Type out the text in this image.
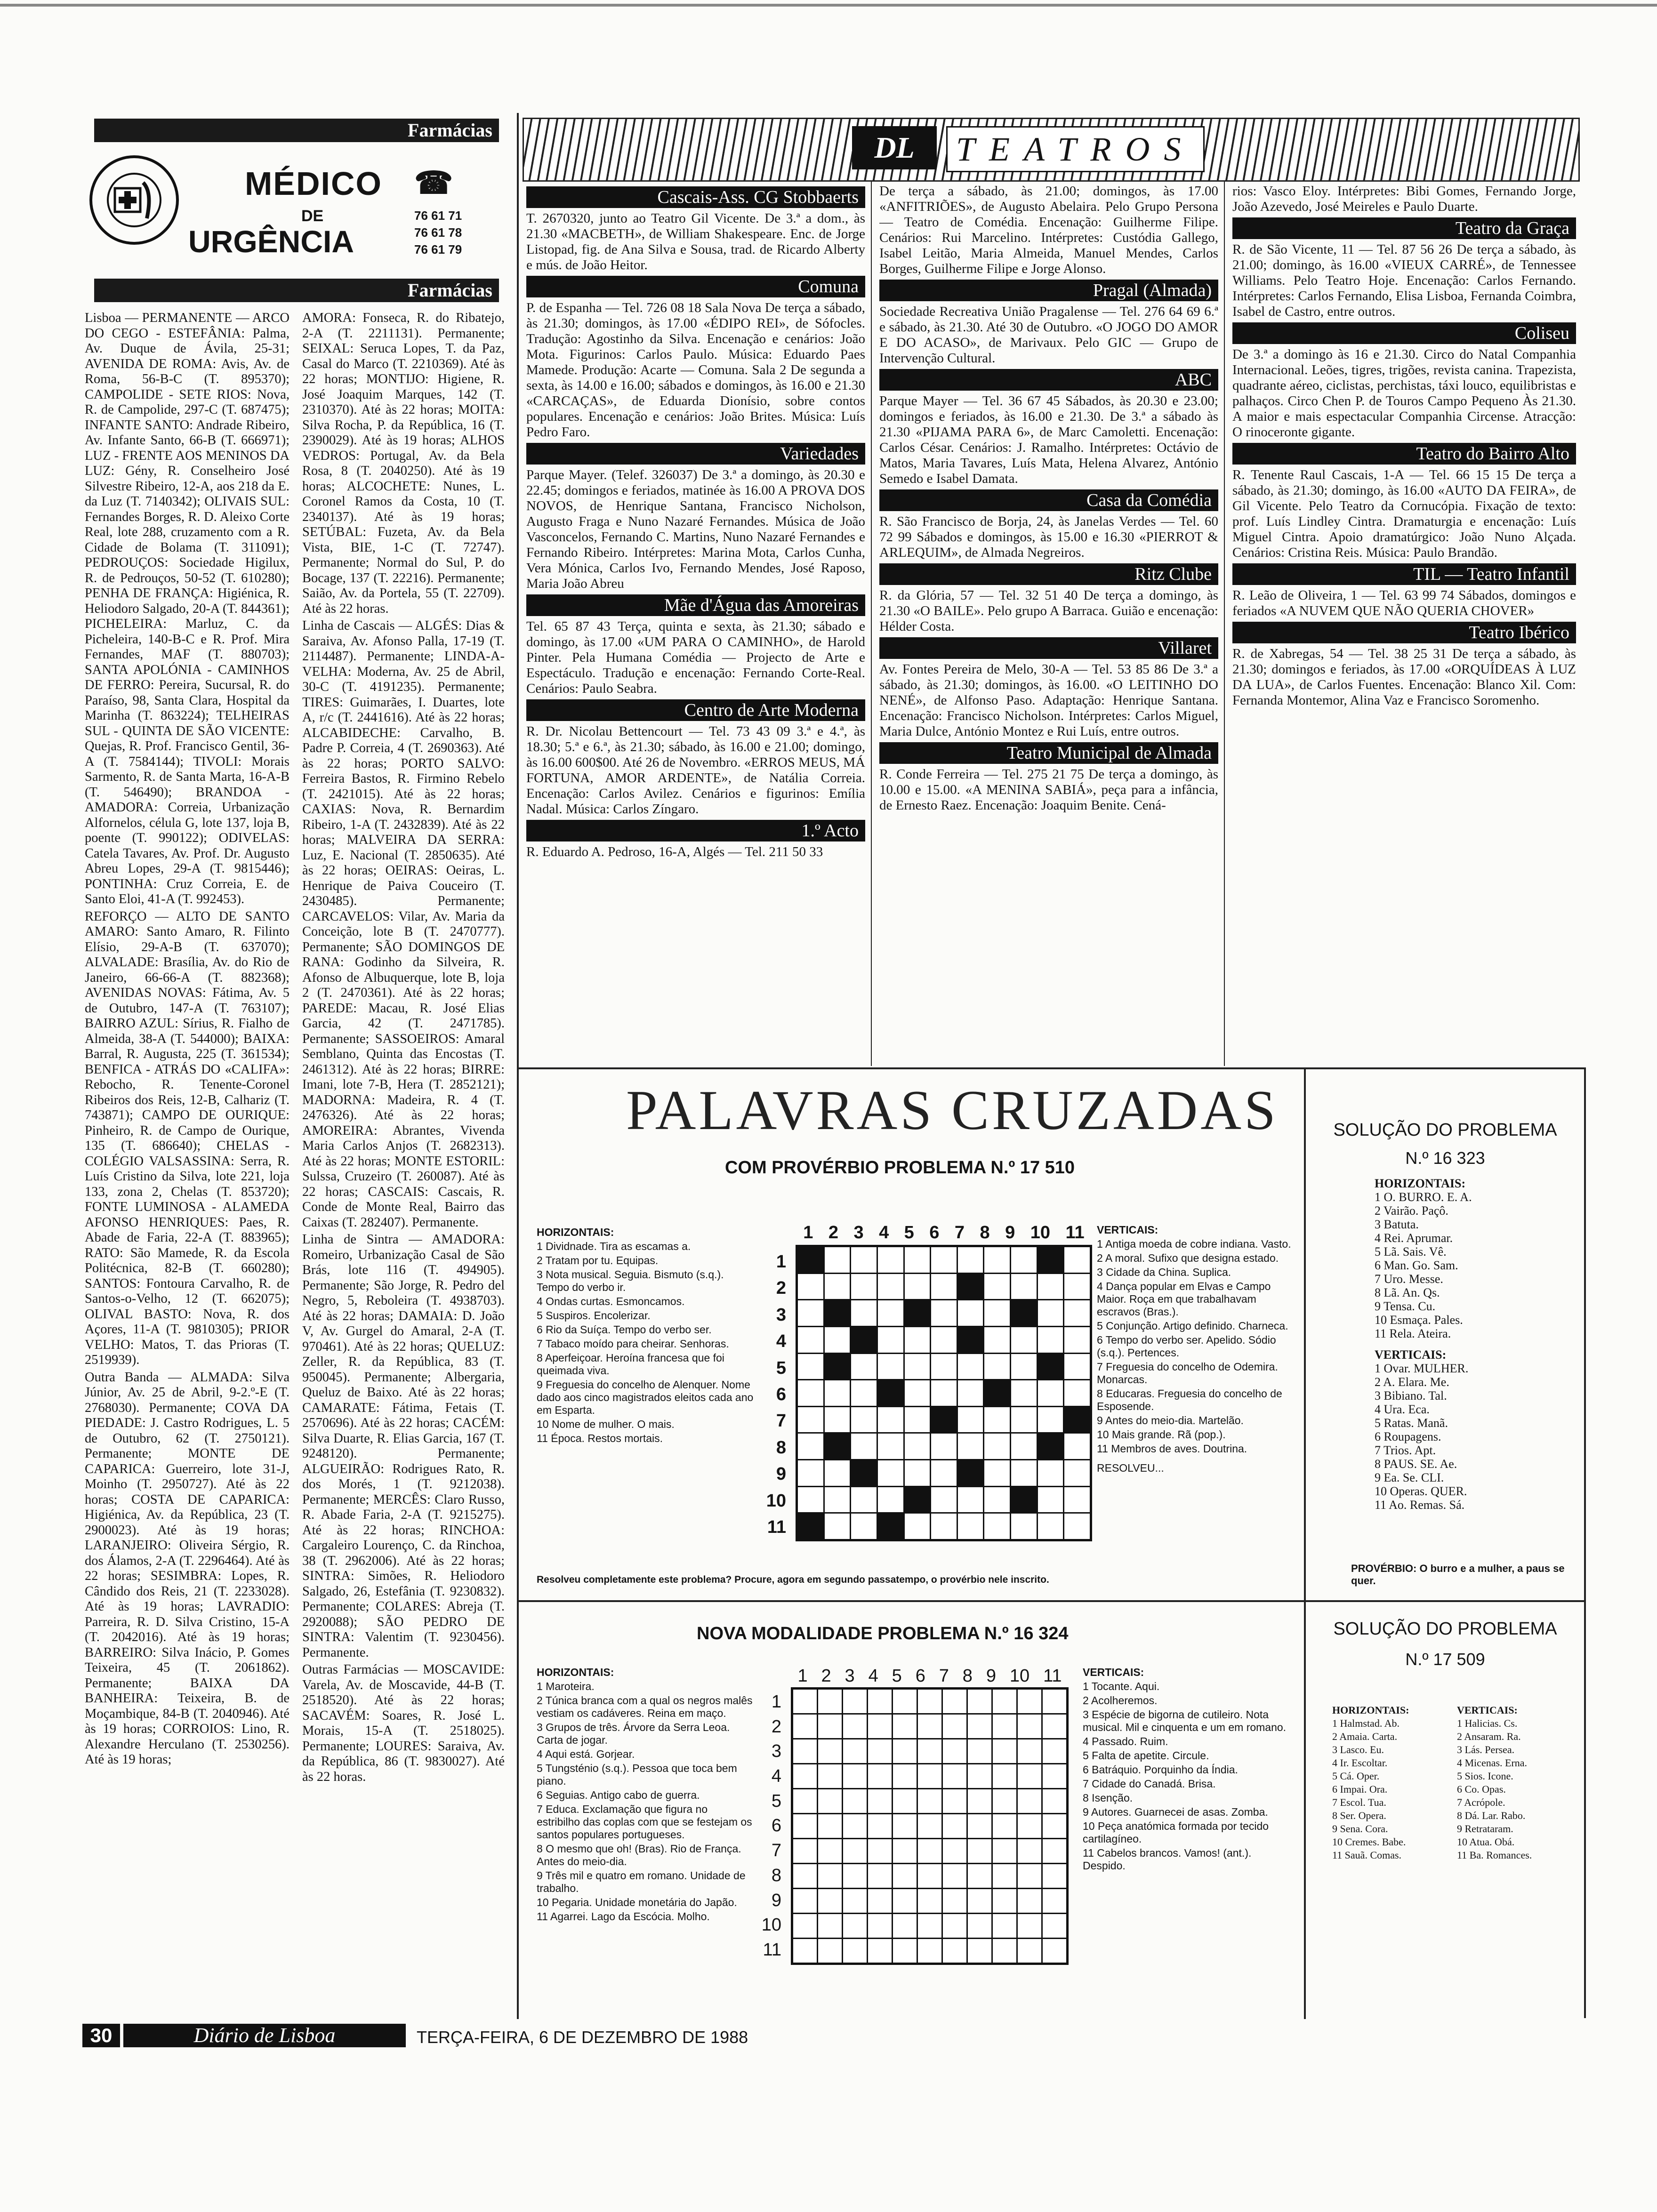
Farmácias
MÉDICO
DE
URGÊNCIA
☎
76 61 71
76 61 78
76 61 79
Farmácias

Lisboa — PERMANENTE — ARCO DO CEGO - ESTEFÂNIA: Palma, Av. Duque de Ávila, 25-31; AVENIDA DE ROMA: Avis, Av. de Roma, 56-B-C (T. 895370); CAMPOLIDE - SETE RIOS: Nova, R. de Campolide, 297-C (T. 687475); INFANTE SANTO: Andrade Ribeiro, Av. Infante Santo, 66-B (T. 666971); LUZ - FRENTE AOS MENINOS DA LUZ: Gény, R. Conselheiro José Silvestre Ribeiro, 12-A, aos 218 da E. da Luz (T. 7140342); OLIVAIS SUL: Fernandes Borges, R. D. Aleixo Corte Real, lote 288, cruzamento com a R. Cidade de Bolama (T. 311091); PEDROUÇOS: Sociedade Higilux, R. de Pedrouços, 50-52 (T. 610280); PENHA DE FRANÇA: Higiénica, R. Heliodoro Salgado, 20-A (T. 844361); PICHELEIRA: Marluz, C. da Picheleira, 140-B-C e R. Prof. Mira Fernandes, MAF (T. 880703); SANTA APOLÓNIA - CAMINHOS DE FERRO: Pereira, Sucursal, R. do Paraíso, 98, Santa Clara, Hospital da Marinha (T. 863224); TELHEIRAS SUL - QUINTA DE SÃO VICENTE: Quejas, R. Prof. Francisco Gentil, 36-A (T. 7584144); TIVOLI: Morais Sarmento, R. de Santa Marta, 16-A-B (T. 546490); BRANDOA - AMADORA: Correia, Urbanização Alfornelos, célula G, lote 137, loja B, poente (T. 990122); ODIVELAS: Catela Tavares, Av. Prof. Dr. Augusto Abreu Lopes, 29-A (T. 9815446); PONTINHA: Cruz Correia, E. de Santo Eloi, 41-A (T. 992453).

REFORÇO — ALTO DE SANTO AMARO: Santo Amaro, R. Filinto Elísio, 29-A-B (T. 637070); ALVALADE: Brasília, Av. do Rio de Janeiro, 66-66-A (T. 882368); AVENIDAS NOVAS: Fátima, Av. 5 de Outubro, 147-A (T. 763107); BAIRRO AZUL: Sírius, R. Fialho de Almeida, 38-A (T. 544000); BAIXA: Barral, R. Augusta, 225 (T. 361534); BENFICA - ATRÁS DO «CALIFA»: Rebocho, R. Tenente-Coronel Ribeiros dos Reis, 12-B, Calhariz (T. 743871); CAMPO DE OURIQUE: Pinheiro, R. de Campo de Ourique, 135 (T. 686640); CHELAS - COLÉGIO VALSASSINA: Serra, R. Luís Cristino da Silva, lote 221, loja 133, zona 2, Chelas (T. 853720); FONTE LUMINOSA - ALAMEDA AFONSO HENRIQUES: Paes, R. Abade de Faria, 22-A (T. 883965); RATO: São Mamede, R. da Escola Politécnica, 82-B (T. 660280); SANTOS: Fontoura Carvalho, R. de Santos-o-Velho, 12 (T. 662075); OLIVAL BASTO: Nova, R. dos Açores, 11-A (T. 9810305); PRIOR VELHO: Matos, T. das Prioras (T. 2519939).

Outra Banda — ALMADA: Silva Júnior, Av. 25 de Abril, 9-2.º-E (T. 2768030). Permanente; COVA DA PIEDADE: J. Castro Rodrigues, L. 5 de Outubro, 62 (T. 2750121). Permanente; MONTE DE CAPARICA: Guerreiro, lote 31-J, Moinho (T. 2950727). Até às 22 horas; COSTA DE CAPARICA: Higiénica, Av. da República, 23 (T. 2900023). Até às 19 horas; LARANJEIRO: Oliveira Sérgio, R. dos Álamos, 2-A (T. 2296464). Até às 22 horas; SESIMBRA: Lopes, R. Cândido dos Reis, 21 (T. 2233028). Até às 19 horas; LAVRADIO: Parreira, R. D. Silva Cristino, 15-A (T. 2042016). Até às 19 horas; BARREIRO: Silva Inácio, P. Gomes Teixeira, 45 (T. 2061862). Permanente; BAIXA DA BANHEIRA: Teixeira, B. de Moçambique, 84-B (T. 2040946). Até às 19 horas; CORROIOS: Lino, R. Alexandre Herculano (T. 2530256). Até às 19 horas;

AMORA: Fonseca, R. do Ribatejo, 2-A (T. 2211131). Permanente; SEIXAL: Seruca Lopes, T. da Paz, Casal do Marco (T. 2210369). Até às 22 horas; MONTIJO: Higiene, R. José Joaquim Marques, 142 (T. 2310370). Até às 22 horas; MOITA: Silva Rocha, P. da República, 16 (T. 2390029). Até às 19 horas; ALHOS VEDROS: Portugal, Av. da Bela Rosa, 8 (T. 2040250). Até às 19 horas; ALCOCHETE: Nunes, L. Coronel Ramos da Costa, 10 (T. 2340137). Até às 19 horas; SETÚBAL: Fuzeta, Av. da Bela Vista, BIE, 1-C (T. 72747). Permanente; Normal do Sul, P. do Bocage, 137 (T. 22216). Permanente; Saião, Av. da Portela, 55 (T. 22709). Até às 22 horas.

Linha de Cascais — ALGÉS: Dias & Saraiva, Av. Afonso Palla, 17-19 (T. 2114487). Permanente; LINDA-A-VELHA: Moderna, Av. 25 de Abril, 30-C (T. 4191235). Permanente; TIRES: Guimarães, I. Duartes, lote A, r/c (T. 2441616). Até às 22 horas; ALCABIDECHE: Carvalho, B. Padre P. Correia, 4 (T. 2690363). Até às 22 horas; PORTO SALVO: Ferreira Bastos, R. Firmino Rebelo (T. 2421015). Até às 22 horas; CAXIAS: Nova, R. Bernardim Ribeiro, 1-A (T. 2432839). Até às 22 horas; MALVEIRA DA SERRA: Luz, E. Nacional (T. 2850635). Até às 22 horas; OEIRAS: Oeiras, L. Henrique de Paiva Couceiro (T. 2430485). Permanente; CARCAVELOS: Vilar, Av. Maria da Conceição, lote B (T. 2470777). Permanente; SÃO DOMINGOS DE RANA: Godinho da Silveira, R. Afonso de Albuquerque, lote B, loja 2 (T. 2470361). Até às 22 horas; PAREDE: Macau, R. José Elias Garcia, 42 (T. 2471785). Permanente; SASSOEIROS: Amaral Semblano, Quinta das Encostas (T. 2461312). Até às 22 horas; BIRRE: Imani, lote 7-B, Hera (T. 2852121); MADORNA: Madeira, R. 4 (T. 2476326). Até às 22 horas; AMOREIRA: Abrantes, Vivenda Maria Carlos Anjos (T. 2682313). Até às 22 horas; MONTE ESTORIL: Sulssa, Cruzeiro (T. 260087). Até às 22 horas; CASCAIS: Cascais, R. Conde de Monte Real, Bairro das Caixas (T. 282407). Permanente.

Linha de Sintra — AMADORA: Romeiro, Urbanização Casal de São Brás, lote 116 (T. 494905). Permanente; São Jorge, R. Pedro del Negro, 5, Reboleira (T. 4938703). Até às 22 horas; DAMAIA: D. João V, Av. Gurgel do Amaral, 2-A (T. 970461). Até às 22 horas; QUELUZ: Zeller, R. da República, 83 (T. 950045). Permanente; Albergaria, Queluz de Baixo. Até às 22 horas; CAMARATE: Fátima, Fetais (T. 2570696). Até às 22 horas; CACÉM: Silva Duarte, R. Elias Garcia, 167 (T. 9248120). Permanente; ALGUEIRÃO: Rodrigues Rato, R. dos Morés, 1 (T. 9212038). Permanente; MERCÊS: Claro Russo, R. Abade Faria, 2-A (T. 9215275). Até às 22 horas; RINCHOA: Cargaleiro Lourenço, C. da Rinchoa, 38 (T. 2962006). Até às 22 horas; SINTRA: Simões, R. Heliodoro Salgado, 26, Estefânia (T. 9230832). Permanente; COLARES: Abreja (T. 2920088); SÃO PEDRO DE SINTRA: Valentim (T. 9230456). Permanente.

Outras Farmácias — MOSCAVIDE: Varela, Av. de Moscavide, 44-B (T. 2518520). Até às 22 horas; SACAVÉM: Soares, R. José L. Morais, 15-A (T. 2518025). Permanente; LOURES: Saraiva, Av. da República, 86 (T. 9830027). Até às 22 horas.

DL	TEATROS
Cascais-Ass. CG Stobbaerts

T. 2670320, junto ao Teatro Gil Vicente. De 3.ª a dom., às 21.30 «MACBETH», de William Shakespeare. Enc. de Jorge Listopad, fig. de Ana Silva e Sousa, trad. de Ricardo Alberty e mús. de João Heitor.

Comuna

P. de Espanha — Tel. 726 08 18 Sala Nova De terça a sábado, às 21.30; domingos, às 17.00 «ÉDIPO REI», de Sófocles. Tradução: Agostinho da Silva. Encenação e cenários: João Mota. Figurinos: Carlos Paulo. Música: Eduardo Paes Mamede. Produção: Acarte — Comuna. Sala 2 De segunda a sexta, às 14.00 e 16.00; sábados e domingos, às 16.00 e 21.30 «CARCAÇAS», de Eduarda Dionísio, sobre contos populares. Encenação e cenários: João Brites. Música: Luís Pedro Faro.

Variedades

Parque Mayer. (Telef. 326037) De 3.ª a domingo, às 20.30 e 22.45; domingos e feriados, matinée às 16.00 A PROVA DOS NOVOS, de Henrique Santana, Francisco Nicholson, Augusto Fraga e Nuno Nazaré Fernandes. Música de João Vasconcelos, Fernando C. Martins, Nuno Nazaré Fernandes e Fernando Ribeiro. Intérpretes: Marina Mota, Carlos Cunha, Vera Mónica, Carlos Ivo, Fernando Mendes, José Raposo, Maria João Abreu

Mãe d'Água das Amoreiras

Tel. 65 87 43 Terça, quinta e sexta, às 21.30; sábado e domingo, às 17.00 «UM PARA O CAMINHO», de Harold Pinter. Pela Humana Comédia — Projecto de Arte e Espectáculo. Tradução e encenação: Fernando Corte-Real. Cenários: Paulo Seabra.

Centro de Arte Moderna

R. Dr. Nicolau Bettencourt — Tel. 73 43 09 3.ª e 4.ª, às 18.30; 5.ª e 6.ª, às 21.30; sábado, às 16.00 e 21.00; domingo, às 16.00 600$00. Até 26 de Novembro. «ERROS MEUS, MÁ FORTUNA, AMOR ARDENTE», de Natália Correia. Encenação: Carlos Avilez. Cenários e figurinos: Emília Nadal. Música: Carlos Zíngaro.

1.º Acto

R. Eduardo A. Pedroso, 16-A, Algés — Tel. 211 50 33

De terça a sábado, às 21.00; domingos, às 17.00 «ANFITRIÕES», de Augusto Abelaira. Pelo Grupo Persona — Teatro de Comédia. Encenação: Guilherme Filipe. Cenários: Rui Marcelino. Intérpretes: Custódia Gallego, Isabel Leitão, Maria Almeida, Manuel Mendes, Carlos Borges, Guilherme Filipe e Jorge Alonso.

Pragal (Almada)

Sociedade Recreativa União Pragalense — Tel. 276 64 69 6.ª e sábado, às 21.30. Até 30 de Outubro. «O JOGO DO AMOR E DO ACASO», de Marivaux. Pelo GIC — Grupo de Intervenção Cultural.

ABC

Parque Mayer — Tel. 36 67 45 Sábados, às 20.30 e 23.00; domingos e feriados, às 16.00 e 21.30. De 3.ª a sábado às 21.30 «PIJAMA PARA 6», de Marc Camoletti. Encenação: Carlos César. Cenários: J. Ramalho. Intérpretes: Octávio de Matos, Maria Tavares, Luís Mata, Helena Alvarez, António Semedo e Isabel Damata.

Casa da Comédia

R. São Francisco de Borja, 24, às Janelas Verdes — Tel. 60 72 99 Sábados e domingos, às 15.00 e 16.30 «PIERROT & ARLEQUIM», de Almada Negreiros.

Ritz Clube

R. da Glória, 57 — Tel. 32 51 40 De terça a domingo, às 21.30 «O BAILE». Pelo grupo A Barraca. Guião e encenação: Hélder Costa.

Villaret

Av. Fontes Pereira de Melo, 30-A — Tel. 53 85 86 De 3.ª a sábado, às 21.30; domingos, às 16.00. «O LEITINHO DO NENÉ», de Alfonso Paso. Adaptação: Henrique Santana. Encenação: Francisco Nicholson. Intérpretes: Carlos Miguel, Maria Dulce, António Montez e Rui Luís, entre outros.

Teatro Municipal de Almada

R. Conde Ferreira — Tel. 275 21 75 De terça a domingo, às 10.00 e 15.00. «A MENINA SABIÁ», peça para a infância, de Ernesto Raez. Encenação: Joaquim Benite. Cená-

rios: Vasco Eloy. Intérpretes: Bibi Gomes, Fernando Jorge, João Azevedo, José Meireles e Paulo Duarte.

Teatro da Graça

R. de São Vicente, 11 — Tel. 87 56 26 De terça a sábado, às 21.00; domingo, às 16.00 «VIEUX CARRÉ», de Tennessee Williams. Pelo Teatro Hoje. Encenação: Carlos Fernando. Intérpretes: Carlos Fernando, Elisa Lisboa, Fernanda Coimbra, Isabel de Castro, entre outros.

Coliseu

De 3.ª a domingo às 16 e 21.30. Circo do Natal Companhia Internacional. Leões, tigres, trigões, revista canina. Trapezista, quadrante aéreo, ciclistas, perchistas, táxi louco, equilibristas e palhaços. Circo Chen P. de Touros Campo Pequeno Às 21.30. A maior e mais espectacular Companhia Circense. Atracção: O rinoceronte gigante.

Teatro do Bairro Alto

R. Tenente Raul Cascais, 1-A — Tel. 66 15 15 De terça a sábado, às 21.30; domingo, às 16.00 «AUTO DA FEIRA», de Gil Vicente. Pelo Teatro da Cornucópia. Fixação de texto: prof. Luís Lindley Cintra. Dramaturgia e encenação: Luís Miguel Cintra. Apoio dramatúrgico: João Nuno Alçada. Cenários: Cristina Reis. Música: Paulo Brandão.

TIL — Teatro Infantil

R. Leão de Oliveira, 1 — Tel. 63 99 74 Sábados, domingos e feriados «A NUVEM QUE NÃO QUERIA CHOVER»

Teatro Ibérico

R. de Xabregas, 54 — Tel. 38 25 31 De terça a sábado, às 21.30; domingos e feriados, às 17.00 «ORQUÍDEAS À LUZ DA LUA», de Carlos Fuentes. Encenação: Blanco Xil. Com: Fernanda Montemor, Alina Vaz e Francisco Soromenho.

PALAVRAS CRUZADAS
COM PROVÉRBIO PROBLEMA N.º 17 510
1 2 3 4 5 6 7 8 9 10 11
1
2
3
4
5
6
7
8
9
10
11

HORIZONTAIS:

1 Dividnade. Tira as escamas a.

2 Tratam por tu. Equipas.

3 Nota musical. Seguia. Bismuto (s.q.). Tempo do verbo ir.

4 Ondas curtas. Esmoncamos.

5 Suspiros. Encolerizar.

6 Rio da Suíça. Tempo do verbo ser.

7 Tabaco moído para cheirar. Senhoras.

8 Aperfeiçoar. Heroína francesa que foi queimada viva.

9 Freguesia do concelho de Alenquer. Nome dado aos cinco magistrados eleitos cada ano em Esparta.

10 Nome de mulher. O mais.

11 Época. Restos mortais.

VERTICAIS:

1 Antiga moeda de cobre indiana. Vasto.

2 A moral. Sufixo que designa estado.

3 Cidade da China. Suplica.

4 Dança popular em Elvas e Campo Maior. Roça em que trabalhavam escravos (Bras.).

5 Conjunção. Artigo definido. Charneca.

6 Tempo do verbo ser. Apelido. Sódio (s.q.). Pertences.

7 Freguesia do concelho de Odemira. Monarcas.

8 Educaras. Freguesia do concelho de Esposende.

9 Antes do meio-dia. Martelão.

10 Mais grande. Rã (pop.).

11 Membros de aves. Doutrina.

RESOLVEU...

Resolveu completamente este problema? Procure, agora em segundo passatempo, o provérbio nele inscrito.
NOVA MODALIDADE PROBLEMA N.º 16 324
1 2 3 4 5 6 7 8 9 10 11
1
2
3
4
5
6
7
8
9
10
11

HORIZONTAIS:

1 Maroteira.

2 Túnica branca com a qual os negros malês vestiam os cadáveres. Reina em maço.

3 Grupos de três. Árvore da Serra Leoa. Carta de jogar.

4 Aqui está. Gorjear.

5 Tungsténio (s.q.). Pessoa que toca bem piano.

6 Seguias. Antigo cabo de guerra.

7 Educa. Exclamação que figura no estribilho das coplas com que se festejam os santos populares portugueses.

8 O mesmo que oh! (Bras). Rio de França. Antes do meio-dia.

9 Três mil e quatro em romano. Unidade de trabalho.

10 Pegaria. Unidade monetária do Japão.

11 Agarrei. Lago da Escócia. Molho.

VERTICAIS:

1 Tocante. Aqui.

2 Acolheremos.

3 Espécie de bigorna de cutileiro. Nota musical. Mil e cinquenta e um em romano.

4 Passado. Ruim.

5 Falta de apetite. Circule.

6 Batráquio. Porquinho da Índia.

7 Cidade do Canadá. Brisa.

8 Isenção.

9 Autores. Guarnecei de asas. Zomba.

10 Peça anatómica formada por tecido cartilagíneo.

11 Cabelos brancos. Vamos! (ant.). Despido.

SOLUÇÃO DO PROBLEMA
N.º 16 323

HORIZONTAIS:

1 O. BURRO. E. A.

2 Vairão. Paçô.

3 Batuta.

4 Rei. Aprumar.

5 Lã. Sais. Vê.

6 Man. Go. Sam.

7 Uro. Messe.

8 Lã. An. Qs.

9 Tensa. Cu.

10 Esmaça. Pales.

11 Rela. Ateira.

VERTICAIS:

1 Ovar. MULHER.

2 A. Elara. Me.

3 Bibiano. Tal.

4 Ura. Eca.

5 Ratas. Manã.

6 Roupagens.

7 Trios. Apt.

8 PAUS. SE. Ae.

9 Ea. Se. CLI.

10 Operas. QUER.

11 Ao. Remas. Sá.

PROVÉRBIO: O burro e a mulher, a paus se quer.
SOLUÇÃO DO PROBLEMA
N.º 17 509

HORIZONTAIS:

1 Halmstad. Ab.

2 Amaia. Carta.

3 Lasco. Eu.

4 Ir. Escoltar.

5 Cá. Oper.

6 Impai. Ora.

7 Escol. Tua.

8 Ser. Opera.

9 Sena. Cora.

10 Cremes. Babe.

11 Sauã. Comas.

VERTICAIS:

1 Halicias. Cs.

2 Ansaram. Ra.

3 Lás. Persea.

4 Micenas. Erna.

5 Sios. Icone.

6 Co. Opas.

7 Acrópole.

8 Dá. Lar. Rabo.

9 Retrataram.

10 Atua. Obá.

11 Ba. Romances.

30	Diário de Lisboa	TERÇA-FEIRA, 6 DE DEZEMBRO DE 1988
